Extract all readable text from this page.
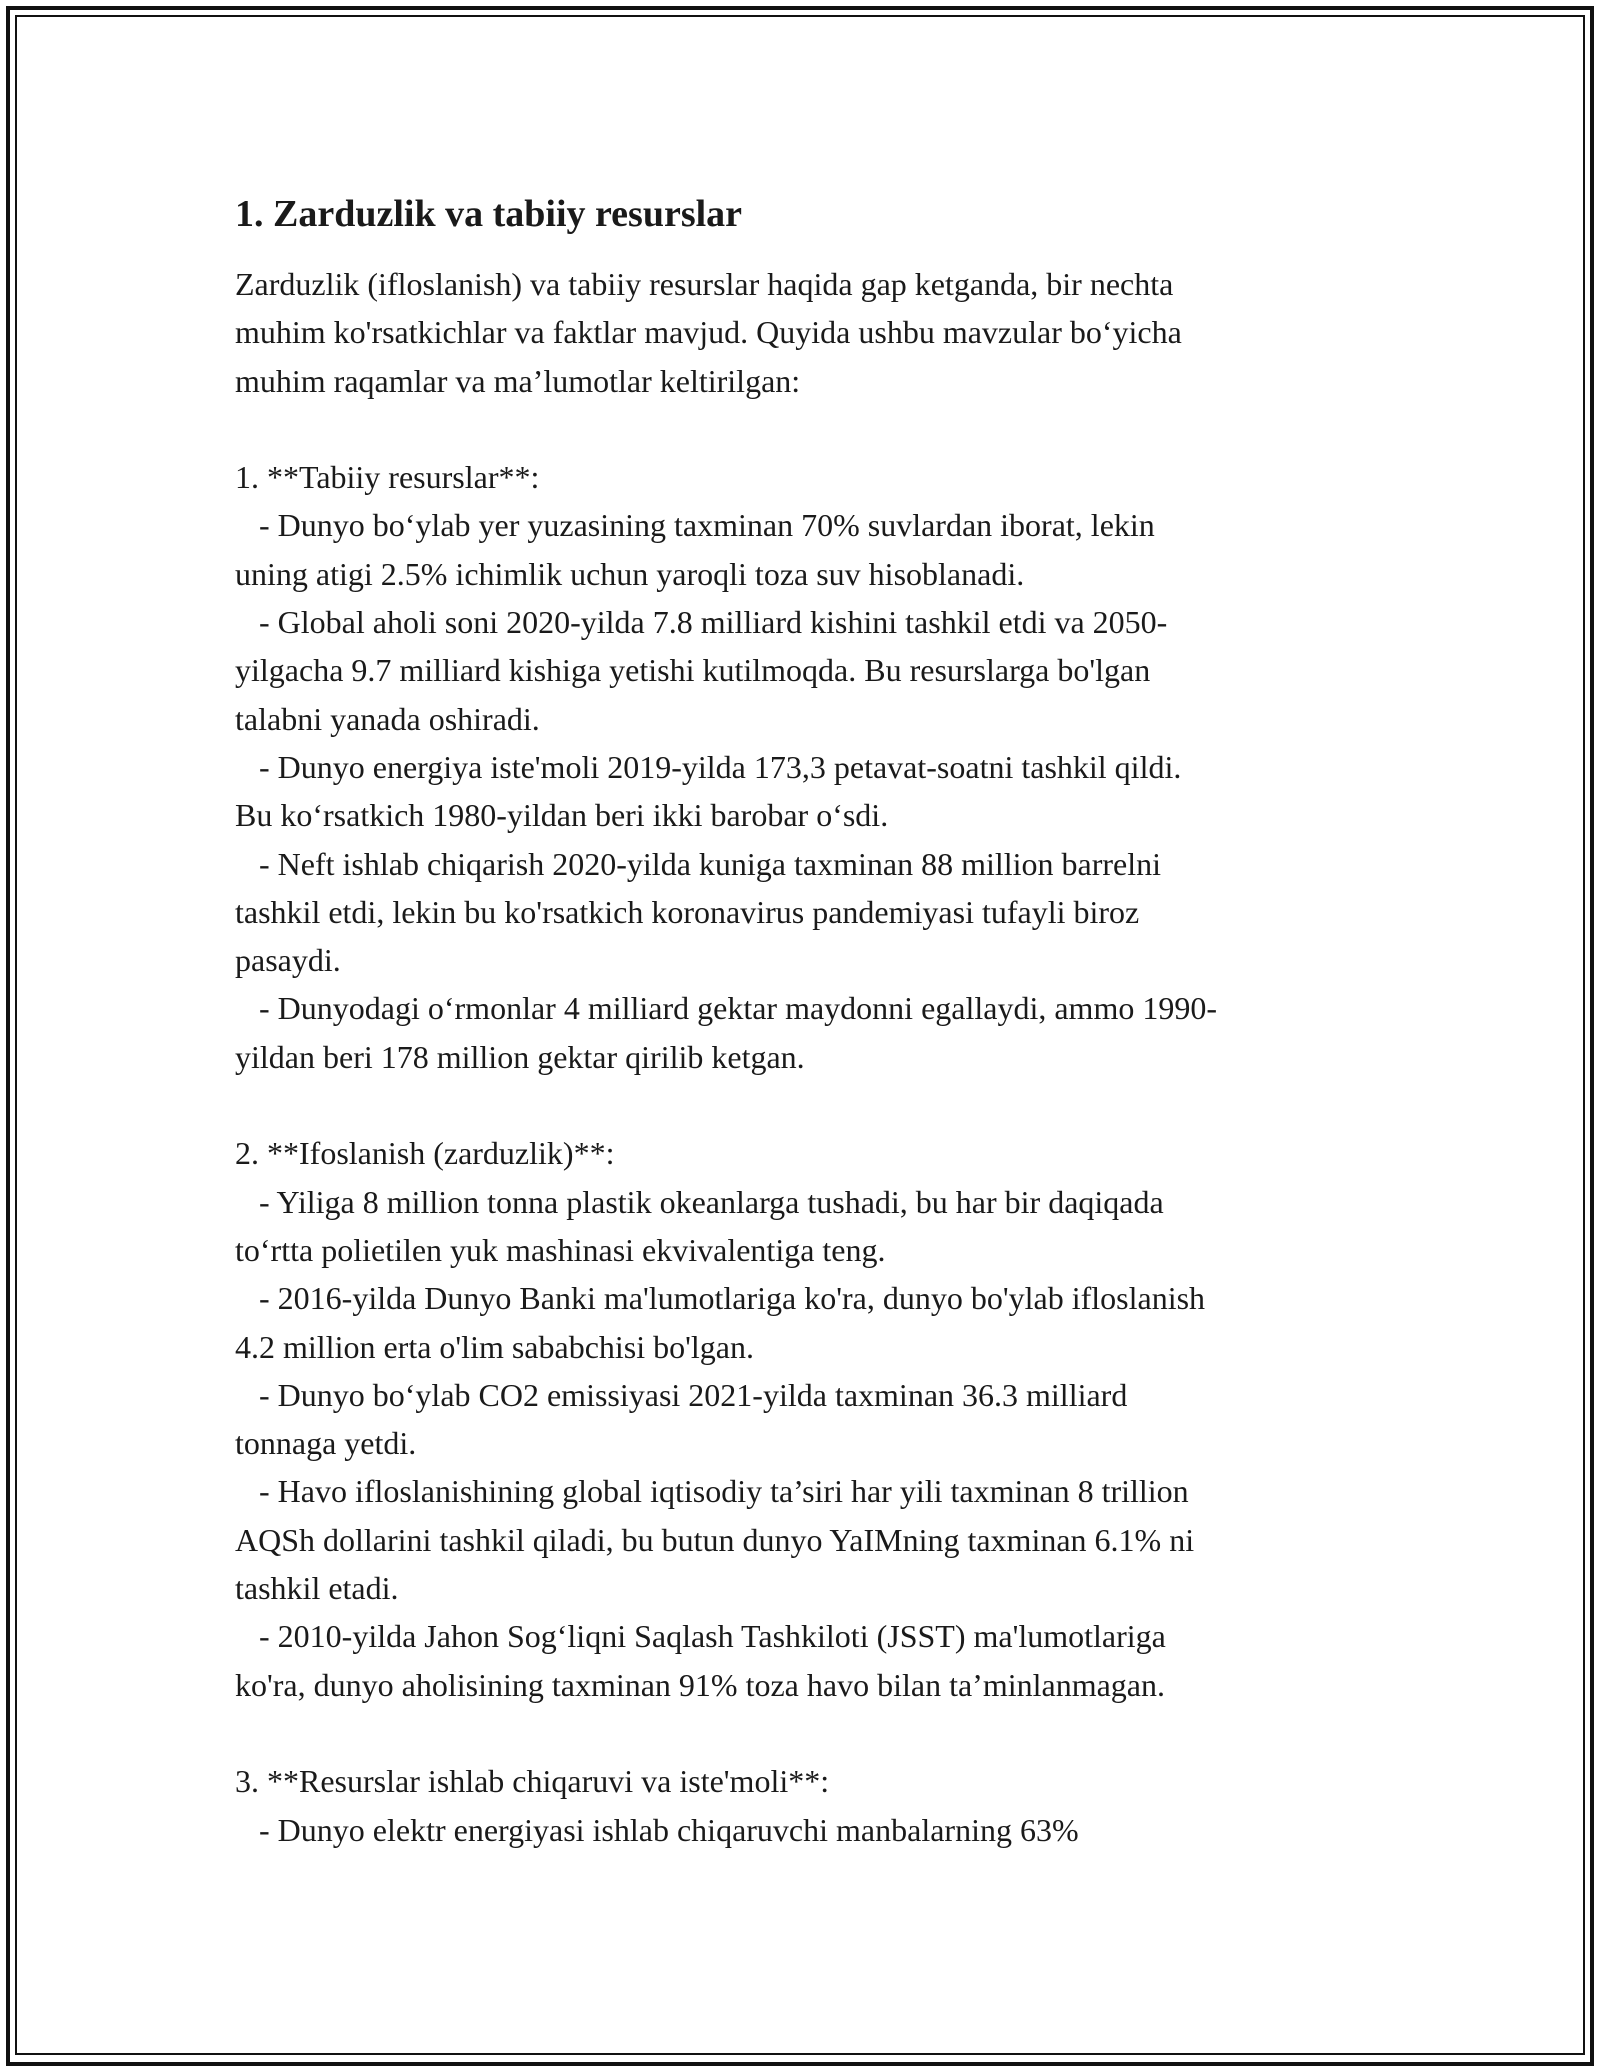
1. Zarduzlik va tabiiy resurslar
Zarduzlik (ifloslanish) va tabiiy resurslar haqida gap ketganda, bir nechta
muhim ko'rsatkichlar va faktlar mavjud. Quyida ushbu mavzular bo‘yicha
muhim raqamlar va ma’lumotlar keltirilgan:
1. **Tabiiy resurslar**:
- Dunyo bo‘ylab yer yuzasining taxminan 70% suvlardan iborat, lekin
uning atigi 2.5% ichimlik uchun yaroqli toza suv hisoblanadi.
- Global aholi soni 2020-yilda 7.8 milliard kishini tashkil etdi va 2050-
yilgacha 9.7 milliard kishiga yetishi kutilmoqda. Bu resurslarga bo'lgan
talabni yanada oshiradi.
- Dunyo energiya iste'moli 2019-yilda 173,3 petavat-soatni tashkil qildi.
Bu ko‘rsatkich 1980-yildan beri ikki barobar o‘sdi.
- Neft ishlab chiqarish 2020-yilda kuniga taxminan 88 million barrelni
tashkil etdi, lekin bu ko'rsatkich koronavirus pandemiyasi tufayli biroz
pasaydi.
- Dunyodagi o‘rmonlar 4 milliard gektar maydonni egallaydi, ammo 1990-
yildan beri 178 million gektar qirilib ketgan.
2. **Ifoslanish (zarduzlik)**:
- Yiliga 8 million tonna plastik okeanlarga tushadi, bu har bir daqiqada
to‘rtta polietilen yuk mashinasi ekvivalentiga teng.
- 2016-yilda Dunyo Banki ma'lumotlariga ko'ra, dunyo bo'ylab ifloslanish
4.2 million erta o'lim sababchisi bo'lgan.
- Dunyo bo‘ylab CO2 emissiyasi 2021-yilda taxminan 36.3 milliard
tonnaga yetdi.
- Havo ifloslanishining global iqtisodiy ta’siri har yili taxminan 8 trillion
AQSh dollarini tashkil qiladi, bu butun dunyo YaIMning taxminan 6.1% ni
tashkil etadi.
- 2010-yilda Jahon Sog‘liqni Saqlash Tashkiloti (JSST) ma'lumotlariga
ko'ra, dunyo aholisining taxminan 91% toza havo bilan ta’minlanmagan.
3. **Resurslar ishlab chiqaruvi va iste'moli**:
- Dunyo elektr energiyasi ishlab chiqaruvchi manbalarning 63%
